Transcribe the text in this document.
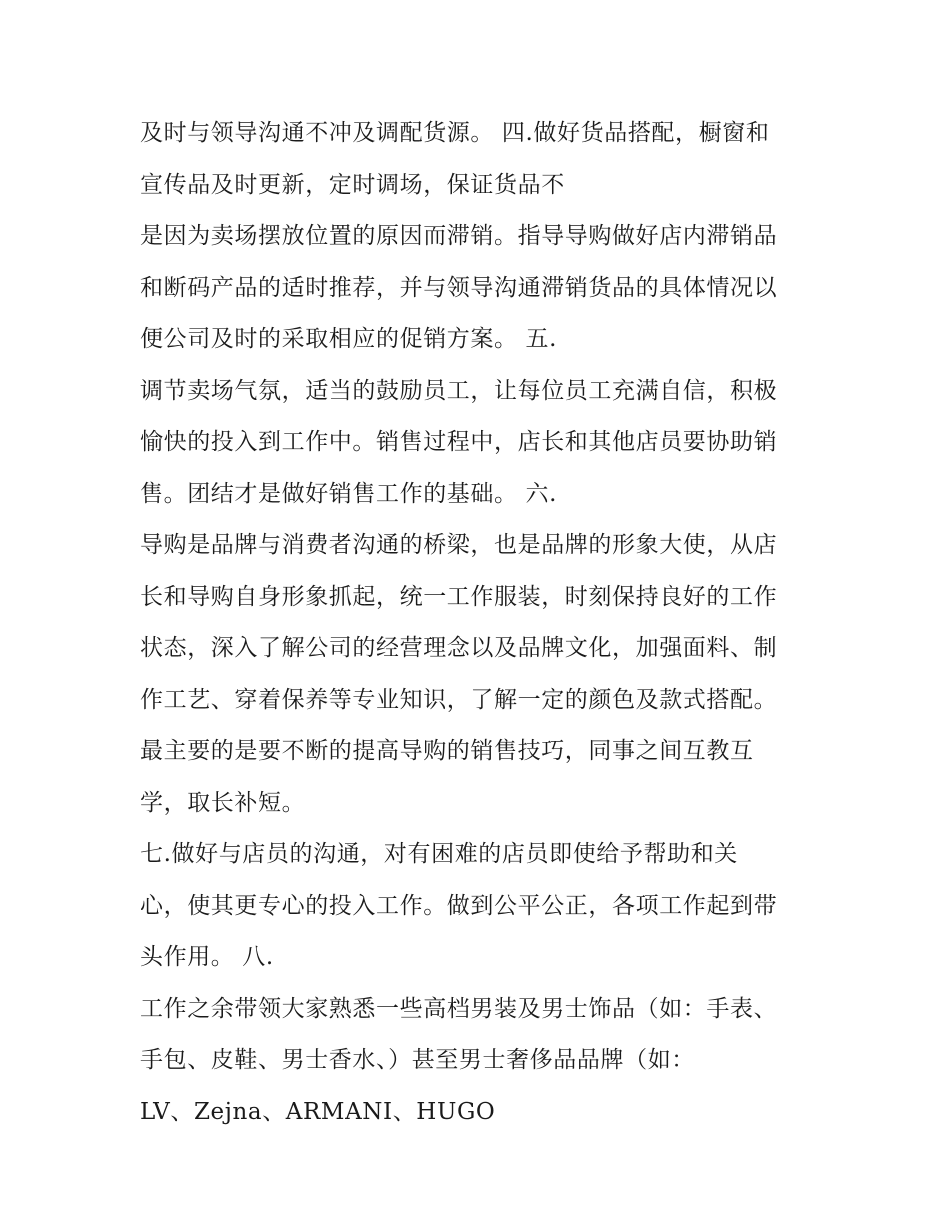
及时与领导沟通不冲及调配货源。 四.做好货品搭配，橱窗和
宣传品及时更新，定时调场，保证货品不
是因为卖场摆放位置的原因而滞销。指导导购做好店内滞销品
和断码产品的适时推荐，并与领导沟通滞销货品的具体情况以
便公司及时的采取相应的促销方案。 五.
调节卖场气氛，适当的鼓励员工，让每位员工充满自信，积极
愉快的投入到工作中。销售过程中，店长和其他店员要协助销
售。团结才是做好销售工作的基础。 六.
导购是品牌与消费者沟通的桥梁，也是品牌的形象大使，从店
长和导购自身形象抓起，统一工作服装，时刻保持良好的工作
状态，深入了解公司的经营理念以及品牌文化，加强面料、制
作工艺、穿着保养等专业知识，了解一定的颜色及款式搭配。
最主要的是要不断的提高导购的销售技巧，同事之间互教互
学，取长补短。
七.做好与店员的沟通，对有困难的店员即使给予帮助和关
心，使其更专心的投入工作。做到公平公正，各项工作起到带
头作用。 八.
工作之余带领大家熟悉一些高档男装及男士饰品（如：手表、
手包、皮鞋、男士香水、）甚至男士奢侈品品牌（如：
LV、Zejna、ARMANI、HUGO
